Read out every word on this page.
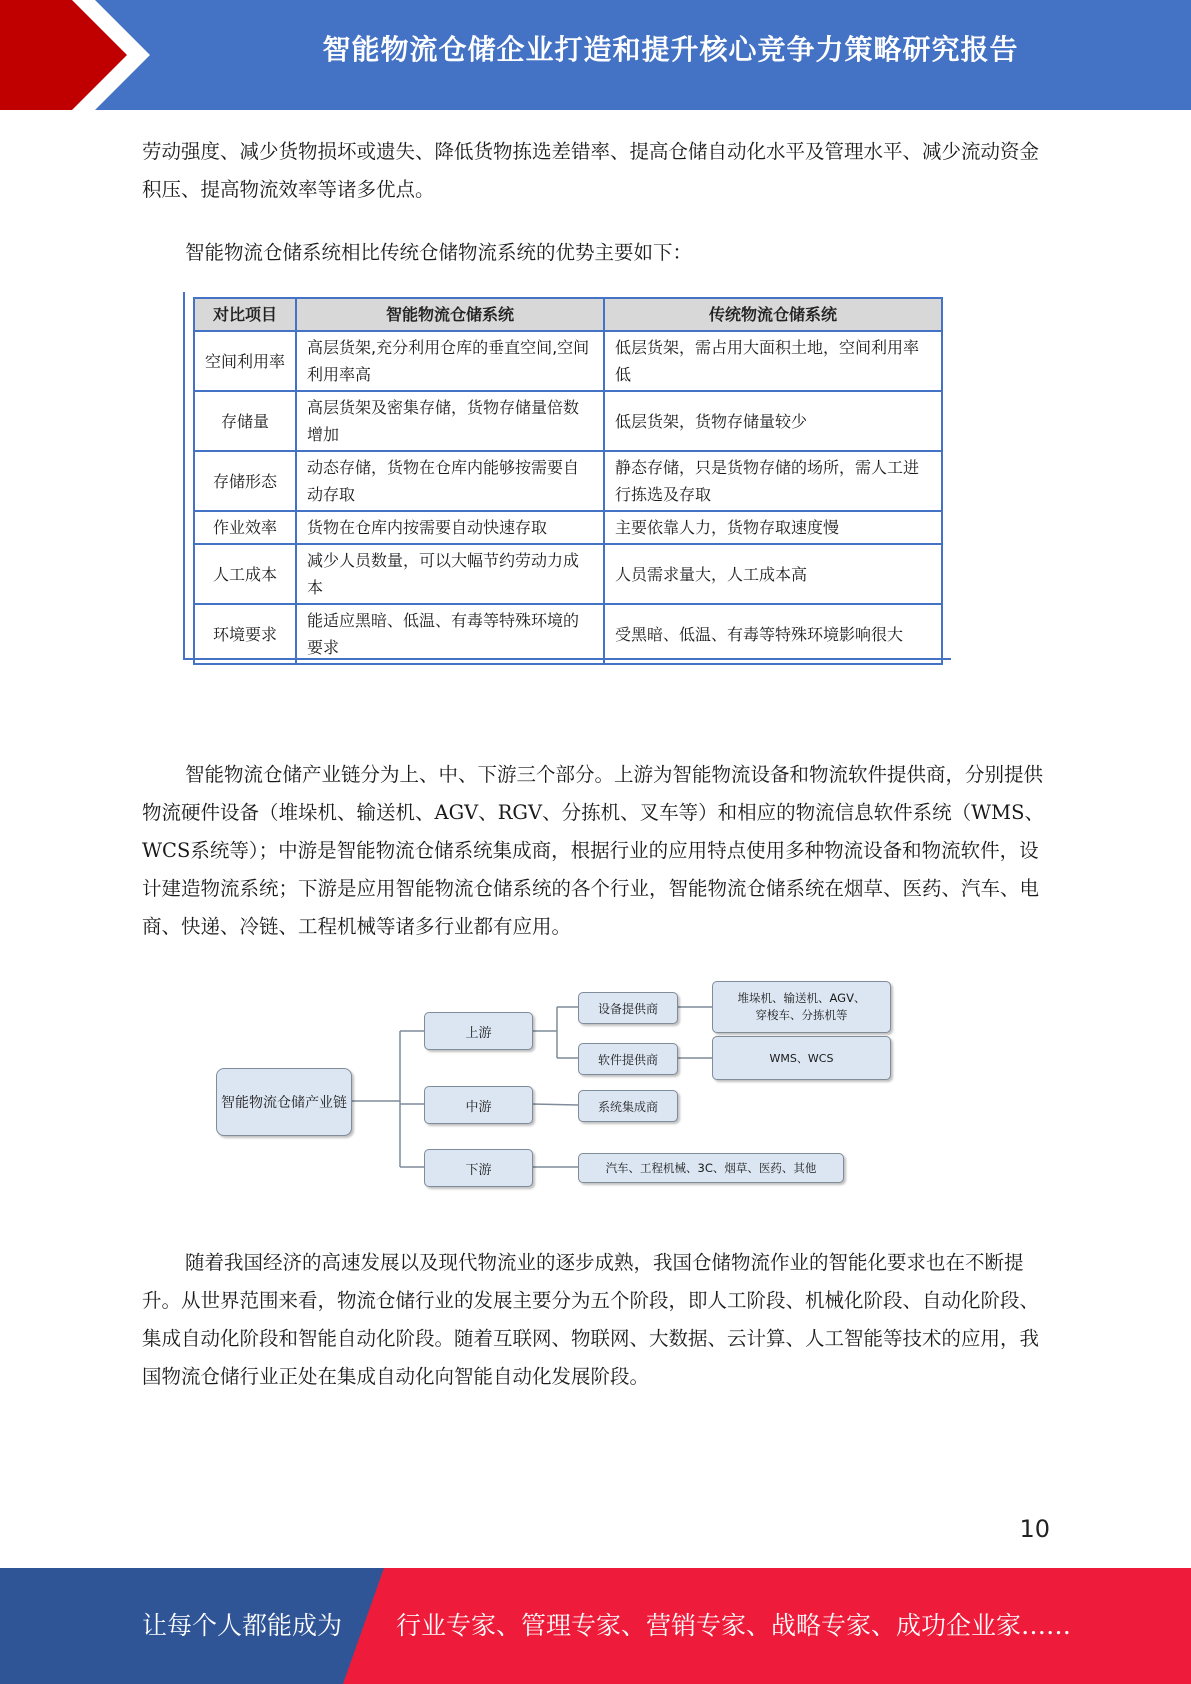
智能物流仓储企业打造和提升核心竞争力策略研究报告

劳动强度、减少货物损坏或遗失、降低货物拣选差错率、提高仓储自动化水平及管理水平、减少流动资金积压、提高物流效率等诸多优点。

智能物流仓储系统相比传统仓储物流系统的优势主要如下：

对比项目	智能物流仓储系统	传统物流仓储系统
空间利用率	高层货架,充分利用仓库的垂直空间,空间利用率高	低层货架，需占用大面积土地，空间利用率低
存储量	高层货架及密集存储，货物存储量倍数增加	低层货架，货物存储量较少
存储形态	动态存储，货物在仓库内能够按需要自动存取	静态存储，只是货物存储的场所，需人工进行拣选及存取
作业效率	货物在仓库内按需要自动快速存取	主要依靠人力，货物存取速度慢
人工成本	减少人员数量，可以大幅节约劳动力成本	人员需求量大，人工成本高
环境要求	能适应黑暗、低温、有毒等特殊环境的要求	受黑暗、低温、有毒等特殊环境影响很大

智能物流仓储产业链分为上、中、下游三个部分。上游为智能物流设备和物流软件提供商，分别提供物流硬件设备（堆垛机、输送机、AGV、RGV、分拣机、叉车等）和相应的物流信息软件系统（WMS、WCS系统等）；中游是智能物流仓储系统集成商，根据行业的应用特点使用多种物流设备和物流软件，设计建造物流系统；下游是应用智能物流仓储系统的各个行业，智能物流仓储系统在烟草、医药、汽车、电商、快递、冷链、工程机械等诸多行业都有应用。

智能物流仓储产业链
上游
中游
下游
设备提供商
软件提供商
系统集成商
堆垛机、输送机、AGV、
穿梭车、分拣机等
WMS、WCS
汽车、工程机械、3C、烟草、医药、其他

随着我国经济的高速发展以及现代物流业的逐步成熟，我国仓储物流作业的智能化要求也在不断提升。从世界范围来看，物流仓储行业的发展主要分为五个阶段，即人工阶段、机械化阶段、自动化阶段、集成自动化阶段和智能自动化阶段。随着互联网、物联网、大数据、云计算、人工智能等技术的应用，我国物流仓储行业正处在集成自动化向智能自动化发展阶段。

10
让每个人都能成为 行业专家、管理专家、营销专家、战略专家、成功企业家……
